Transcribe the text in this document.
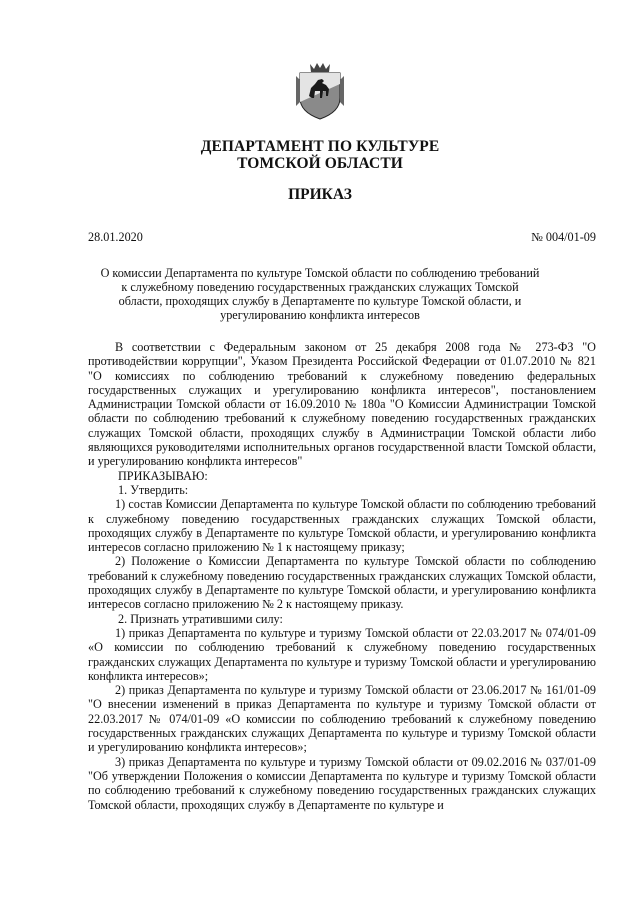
ДЕПАРТАМЕНТ ПО КУЛЬТУРЕ
ТОМСКОЙ ОБЛАСТИ
ПРИКАЗ
28.01.2020	№ 004/01-09
О комиссии Департамента по культуре Томской области по соблюдению требований к служебному поведению государственных гражданских служащих Томской области, проходящих службу в Департаменте по культуре Томской области, и урегулированию конфликта интересов

В соответствии с Федеральным законом от 25 декабря 2008 года № 273-ФЗ "О противодействии коррупции", Указом Президента Российской Федерации от 01.07.2010 № 821 "О комиссиях по соблюдению требований к служебному поведению федеральных государственных служащих и урегулированию конфликта интересов", постановлением Администрации Томской области от 16.09.2010 № 180а "О Комиссии Администрации Томской области по соблюдению требований к служебному поведению государственных гражданских служащих Томской области, проходящих службу в Администрации Томской области либо являющихся руководителями исполнительных органов государственной власти Томской области, и урегулированию конфликта интересов"

ПРИКАЗЫВАЮ:

1. Утвердить:

1) состав Комиссии Департамента по культуре Томской области по соблюдению требований к служебному поведению государственных гражданских служащих Томской области, проходящих службу в Департаменте по культуре Томской области, и урегулированию конфликта интересов согласно приложению № 1 к настоящему приказу;

2) Положение о Комиссии Департамента по культуре Томской области по соблюдению требований к служебному поведению государственных гражданских служащих Томской области, проходящих службу в Департаменте по культуре Томской области, и урегулированию конфликта интересов согласно приложению № 2 к настоящему приказу.

2. Признать утратившими силу:

1) приказ Департамента по культуре и туризму Томской области от 22.03.2017 № 074/01-09 «О комиссии по соблюдению требований к служебному поведению государственных гражданских служащих Департамента по культуре и туризму Томской области и урегулированию конфликта интересов»;

2) приказ Департамента по культуре и туризму Томской области от 23.06.2017 № 161/01-09 "О внесении изменений в приказ Департамента по культуре и туризму Томской области от 22.03.2017 № 074/01-09 «О комиссии по соблюдению требований к служебному поведению государственных гражданских служащих Департамента по культуре и туризму Томской области и урегулированию конфликта интересов»;

3) приказ Департамента по культуре и туризму Томской области от 09.02.2016 № 037/01-09 "Об утверждении Положения о комиссии Департамента по культуре и туризму Томской области по соблюдению требований к служебному поведению государственных гражданских служащих Томской области, проходящих службу в Департаменте по культуре и
